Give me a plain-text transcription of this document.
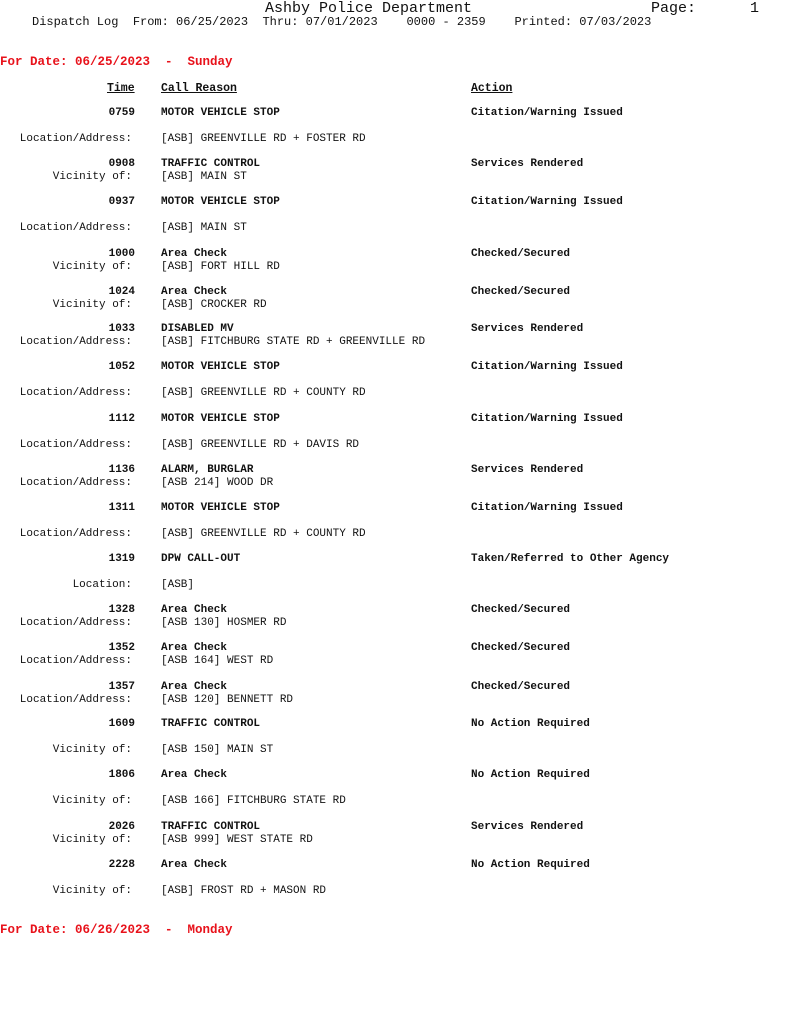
Ashby Police Department	Page:	1
Dispatch Log  From: 06/25/2023  Thru: 07/01/2023    0000 - 2359    Printed: 07/03/2023
For Date: 06/25/2023  -  Sunday
Time Call Reason	Action
0759 MOTOR VEHICLE STOP	Citation/Warning Issued
Location/Address:	[ASB] GREENVILLE RD + FOSTER RD
0908 TRAFFIC CONTROL	Services Rendered
Vicinity of:	[ASB] MAIN ST
0937 MOTOR VEHICLE STOP	Citation/Warning Issued
Location/Address:	[ASB] MAIN ST
1000 Area Check	Checked/Secured
Vicinity of:	[ASB] FORT HILL RD
1024 Area Check	Checked/Secured
Vicinity of:	[ASB] CROCKER RD
1033 DISABLED MV	Services Rendered
Location/Address:	[ASB] FITCHBURG STATE RD + GREENVILLE RD
1052 MOTOR VEHICLE STOP	Citation/Warning Issued
Location/Address:	[ASB] GREENVILLE RD + COUNTY RD
1112 MOTOR VEHICLE STOP	Citation/Warning Issued
Location/Address:	[ASB] GREENVILLE RD + DAVIS RD
1136 ALARM, BURGLAR	Services Rendered
Location/Address:	[ASB 214] WOOD DR
1311 MOTOR VEHICLE STOP	Citation/Warning Issued
Location/Address:	[ASB] GREENVILLE RD + COUNTY RD
1319 DPW CALL-OUT	Taken/Referred to Other Agency
Location:	[ASB]
1328 Area Check	Checked/Secured
Location/Address:	[ASB 130] HOSMER RD
1352 Area Check	Checked/Secured
Location/Address:	[ASB 164] WEST RD
1357 Area Check	Checked/Secured
Location/Address:	[ASB 120] BENNETT RD
1609 TRAFFIC CONTROL	No Action Required
Vicinity of:	[ASB 150] MAIN ST
1806 Area Check	No Action Required
Vicinity of:	[ASB 166] FITCHBURG STATE RD
2026 TRAFFIC CONTROL	Services Rendered
Vicinity of:	[ASB 999] WEST STATE RD
2228 Area Check	No Action Required
Vicinity of:	[ASB] FROST RD + MASON RD
For Date: 06/26/2023  -  Monday
